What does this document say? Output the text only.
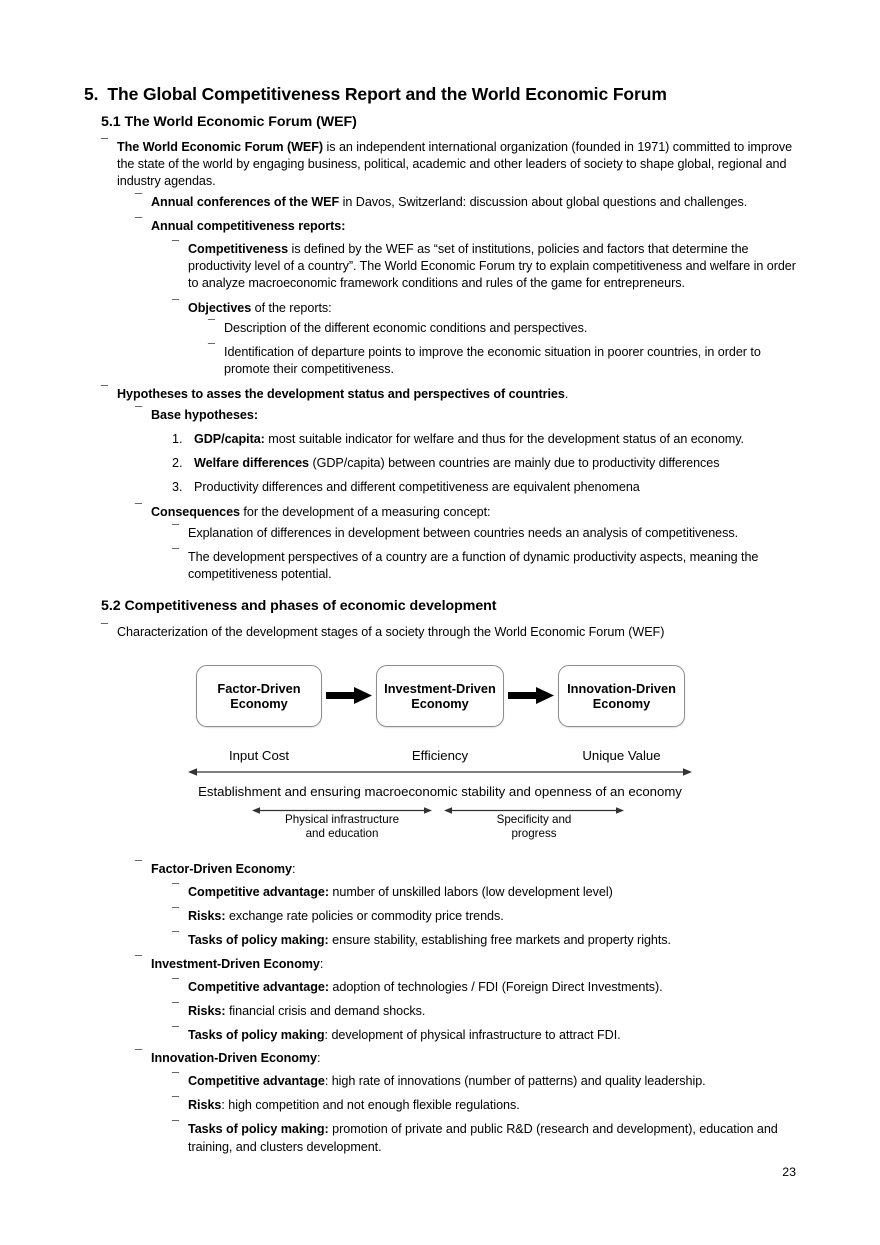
5. The Global Competitiveness Report and the World Economic Forum
5.1 The World Economic Forum (WEF)
¯ The World Economic Forum (WEF) is an independent international organization (founded in 1971) committed to improve the state of the world by engaging business, political, academic and other leaders of society to shape global, regional and industry agendas.
¯ Annual conferences of the WEF in Davos, Switzerland: discussion about global questions and challenges.
¯ Annual competitiveness reports:
¯ Competitiveness is defined by the WEF as “set of institutions, policies and factors that determine the productivity level of a country”. The World Economic Forum try to explain competitiveness and welfare in order to analyze macroeconomic framework conditions and rules of the game for entrepreneurs.
¯ Objectives of the reports:
¯ Description of the different economic conditions and perspectives.
¯ Identification of departure points to improve the economic situation in poorer countries, in order to promote their competitiveness.
¯ Hypotheses to asses the development status and perspectives of countries.
¯ Base hypotheses:
1. GDP/capita: most suitable indicator for welfare and thus for the development status of an economy.
2. Welfare differences (GDP/capita) between countries are mainly due to productivity differences
3. Productivity differences and different competitiveness are equivalent phenomena
¯ Consequences for the development of a measuring concept:
¯ Explanation of differences in development between countries needs an analysis of competitiveness.
¯ The development perspectives of a country are a function of dynamic productivity aspects, meaning the competitiveness potential.
5.2 Competitiveness and phases of economic development
¯ Characterization of the development stages of a society through the World Economic Forum (WEF)
Factor-Driven
Economy
Investment-Driven
Economy
Innovation-Driven
Economy
Input Cost	Efficiency	Unique Value
Establishment and ensuring macroeconomic stability and openness of an economy
Physical infrastructure
and education
Specificity and
progress
¯ Factor-Driven Economy:
¯ Competitive advantage: number of unskilled labors (low development level)
¯ Risks: exchange rate policies or commodity price trends.
¯ Tasks of policy making: ensure stability, establishing free markets and property rights.
¯ Investment-Driven Economy:
¯ Competitive advantage: adoption of technologies / FDI (Foreign Direct Investments).
¯ Risks: financial crisis and demand shocks.
¯ Tasks of policy making: development of physical infrastructure to attract FDI.
¯ Innovation-Driven Economy:
¯ Competitive advantage: high rate of innovations (number of patterns) and quality leadership.
¯ Risks: high competition and not enough flexible regulations.
¯ Tasks of policy making: promotion of private and public R&D (research and development), education and training, and clusters development.
23
